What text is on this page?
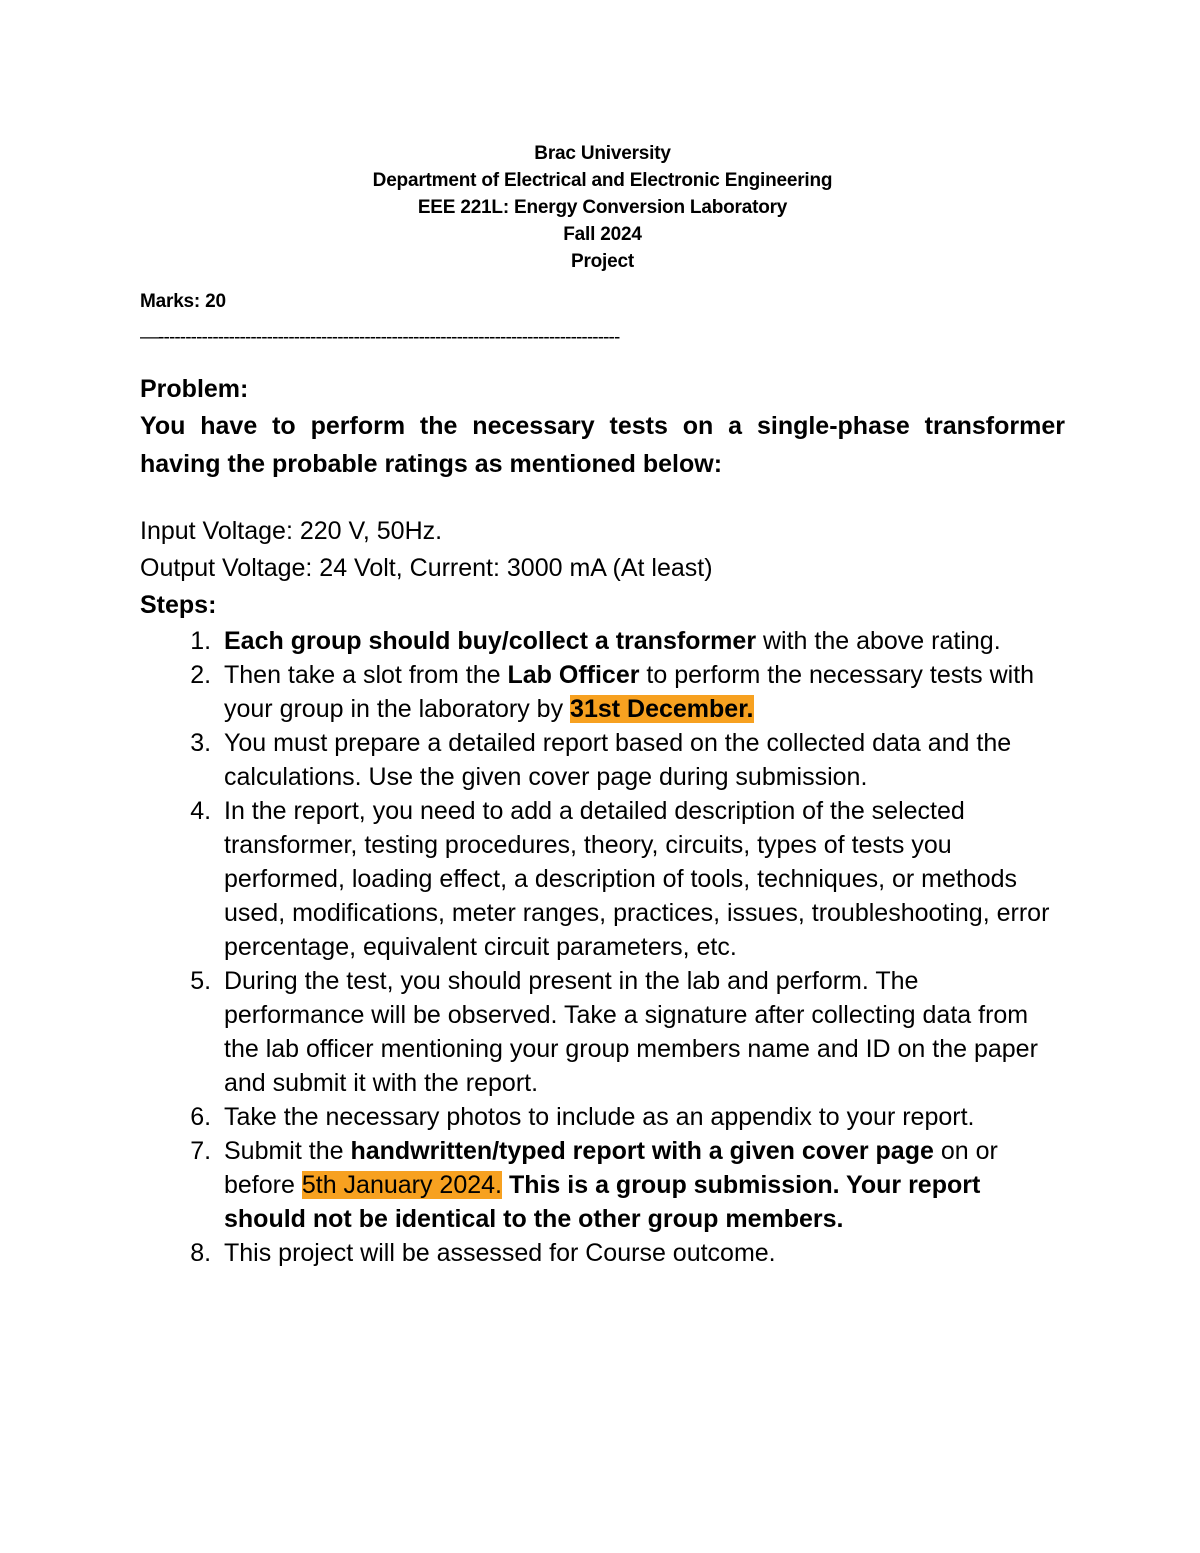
Brac University
Department of Electrical and Electronic Engineering
EEE 221L: Energy Conversion Laboratory
Fall 2024
Project
Marks: 20
—-------------------------------------------------------------------------------------
Problem:
You have to perform the necessary tests on a single-phase transformer having the probable ratings as mentioned below:
Input Voltage: 220 V, 50Hz.
Output Voltage: 24 Volt, Current: 3000 mA (At least)
Steps:
1. Each group should buy/collect a transformer with the above rating.
2. Then take a slot from the Lab Officer to perform the necessary tests with your group in the laboratory by 31st December.
3. You must prepare a detailed report based on the collected data and the calculations. Use the given cover page during submission.
4. In the report, you need to add a detailed description of the selected transformer, testing procedures, theory, circuits, types of tests you performed, loading effect, a description of tools, techniques, or methods used, modifications, meter ranges, practices, issues, troubleshooting, error percentage, equivalent circuit parameters, etc.
5. During the test, you should present in the lab and perform. The performance will be observed. Take a signature after collecting data from the lab officer mentioning your group members name and ID on the paper and submit it with the report.
6. Take the necessary photos to include as an appendix to your report.
7. Submit the handwritten/typed report with a given cover page on or before 5th January 2024. This is a group submission. Your report should not be identical to the other group members.
8. This project will be assessed for Course outcome.
